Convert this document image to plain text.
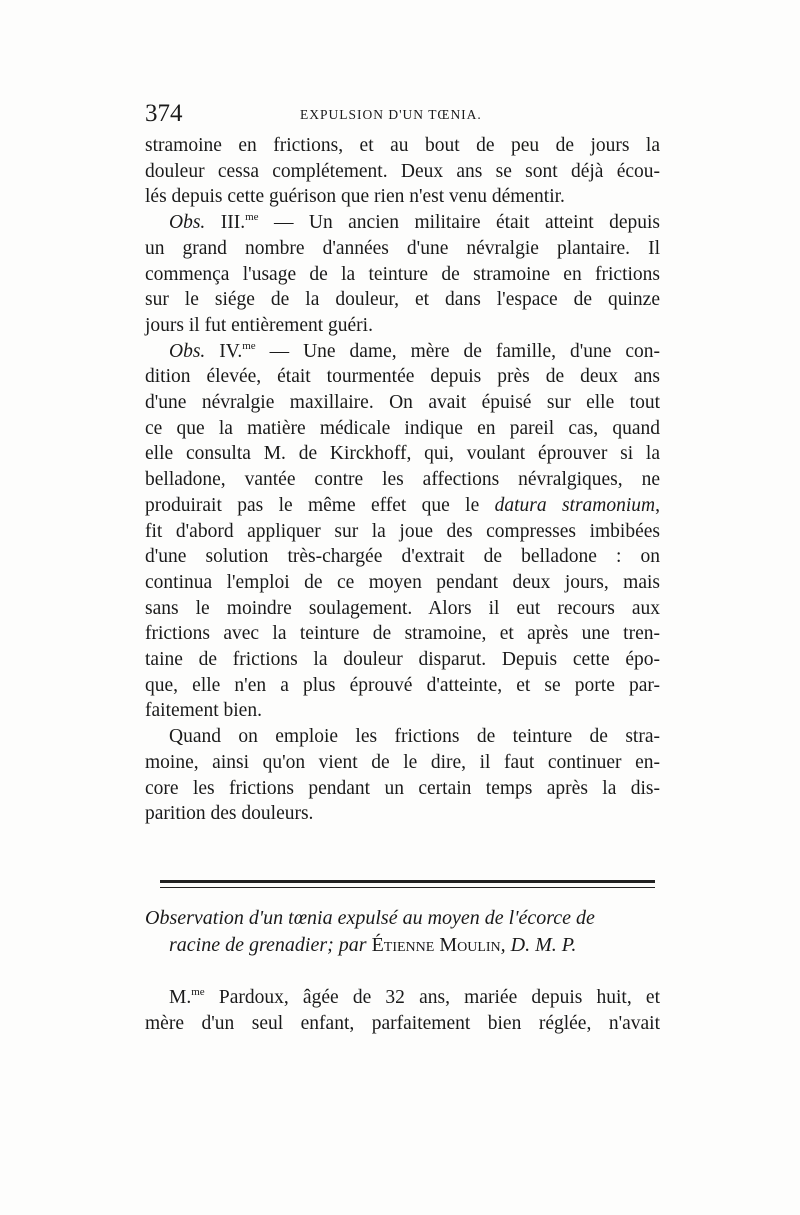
374	EXPULSION D'UN TŒNIA.
stramoine en frictions, et au bout de peu de jours la
douleur cessa complétement. Deux ans se sont déjà écou-
lés depuis cette guérison que rien n'est venu démentir.
Obs. III.$^{me}$ — Un ancien militaire était atteint depuis
un grand nombre d'années d'une névralgie plantaire. Il
commença l'usage de la teinture de stramoine en frictions
sur le siége de la douleur, et dans l'espace de quinze
jours il fut entièrement guéri.
Obs. IV.$^{me}$ — Une dame, mère de famille, d'une con-
dition élevée, était tourmentée depuis près de deux ans
d'une névralgie maxillaire. On avait épuisé sur elle tout
ce que la matière médicale indique en pareil cas, quand
elle consulta M. de Kirckhoff, qui, voulant éprouver si la
belladone, vantée contre les affections névralgiques, ne
produirait pas le même effet que le datura stramonium,
fit d'abord appliquer sur la joue des compresses imbibées
d'une solution très-chargée d'extrait de belladone : on
continua l'emploi de ce moyen pendant deux jours, mais
sans le moindre soulagement. Alors il eut recours aux
frictions avec la teinture de stramoine, et après une tren-
taine de frictions la douleur disparut. Depuis cette épo-
que, elle n'en a plus éprouvé d'atteinte, et se porte par-
faitement bien.
Quand on emploie les frictions de teinture de stra-
moine, ainsi qu'on vient de le dire, il faut continuer en-
core les frictions pendant un certain temps après la dis-
parition des douleurs.
Observation d'un tœnia expulsé au moyen de l'écorce de
racine de grenadier; par Étienne Moulin, D. M. P.
M.$^{me}$ Pardoux, âgée de 32 ans, mariée depuis huit, et
mère d'un seul enfant, parfaitement bien réglée, n'avait
